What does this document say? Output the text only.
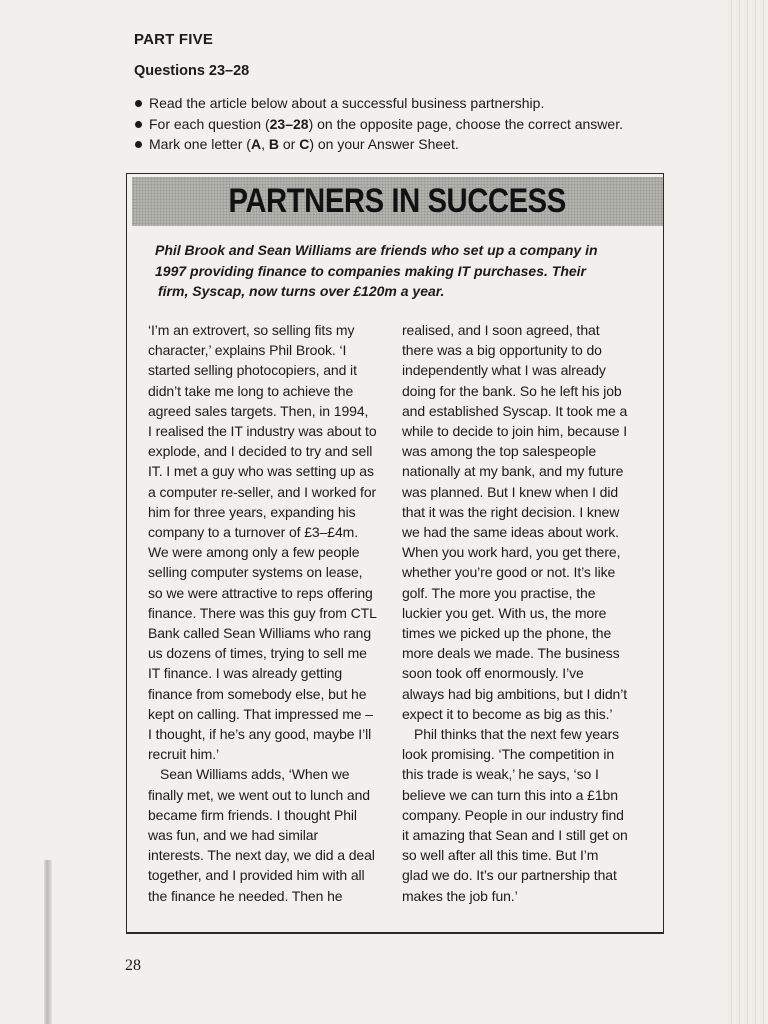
PART FIVE
Questions 23–28
Read the article below about a successful business partnership.
For each question (23–28) on the opposite page, choose the correct answer.
Mark one letter (A, B or C) on your Answer Sheet.
PARTNERS IN SUCCESS
Phil Brook and Sean Williams are friends who set up a company in
1997 providing finance to companies making IT purchases. Their
firm, Syscap, now turns over £120m a year.
‘I’m an extrovert, so selling fits my
character,’ explains Phil Brook. ‘I
started selling photocopiers, and it
didn’t take me long to achieve the
agreed sales targets. Then, in 1994,
I realised the IT industry was about to
explode, and I decided to try and sell
IT. I met a guy who was setting up as
a computer re-seller, and I worked for
him for three years, expanding his
company to a turnover of £3–£4m.
We were among only a few people
selling computer systems on lease,
so we were attractive to reps offering
finance. There was this guy from CTL
Bank called Sean Williams who rang
us dozens of times, trying to sell me
IT finance. I was already getting
finance from somebody else, but he
kept on calling. That impressed me –
I thought, if he’s any good, maybe I’ll
recruit him.’
Sean Williams adds, ‘When we
finally met, we went out to lunch and
became firm friends. I thought Phil
was fun, and we had similar
interests. The next day, we did a deal
together, and I provided him with all
the finance he needed. Then he
realised, and I soon agreed, that
there was a big opportunity to do
independently what I was already
doing for the bank. So he left his job
and established Syscap. It took me a
while to decide to join him, because I
was among the top salespeople
nationally at my bank, and my future
was planned. But I knew when I did
that it was the right decision. I knew
we had the same ideas about work.
When you work hard, you get there,
whether you’re good or not. It’s like
golf. The more you practise, the
luckier you get. With us, the more
times we picked up the phone, the
more deals we made. The business
soon took off enormously. I’ve
always had big ambitions, but I didn’t
expect it to become as big as this.’
Phil thinks that the next few years
look promising. ‘The competition in
this trade is weak,’ he says, ‘so I
believe we can turn this into a £1bn
company. People in our industry find
it amazing that Sean and I still get on
so well after all this time. But I’m
glad we do. It’s our partnership that
makes the job fun.’
28
